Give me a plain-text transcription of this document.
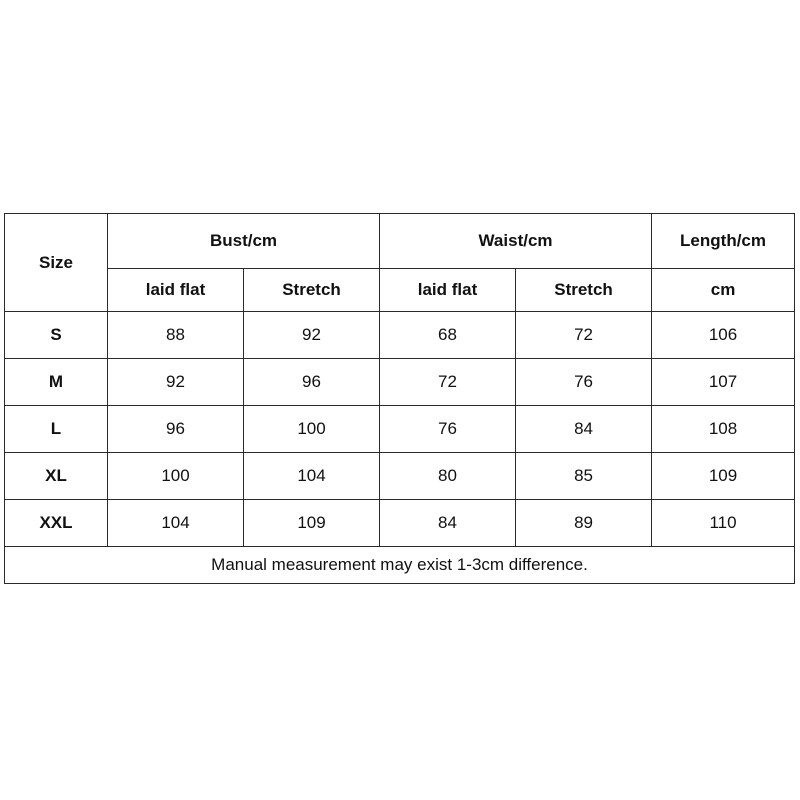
Size	Bust/cm		Waist/cm		Length/cm
	laid flat	Stretch	laid flat	Stretch	cm
S	88	92	68	72	106
M	92	96	72	76	107
L	96	100	76	84	108
XL	100	104	80	85	109
XXL	104	109	84	89	110
Manual measurement may exist 1-3cm difference.					
